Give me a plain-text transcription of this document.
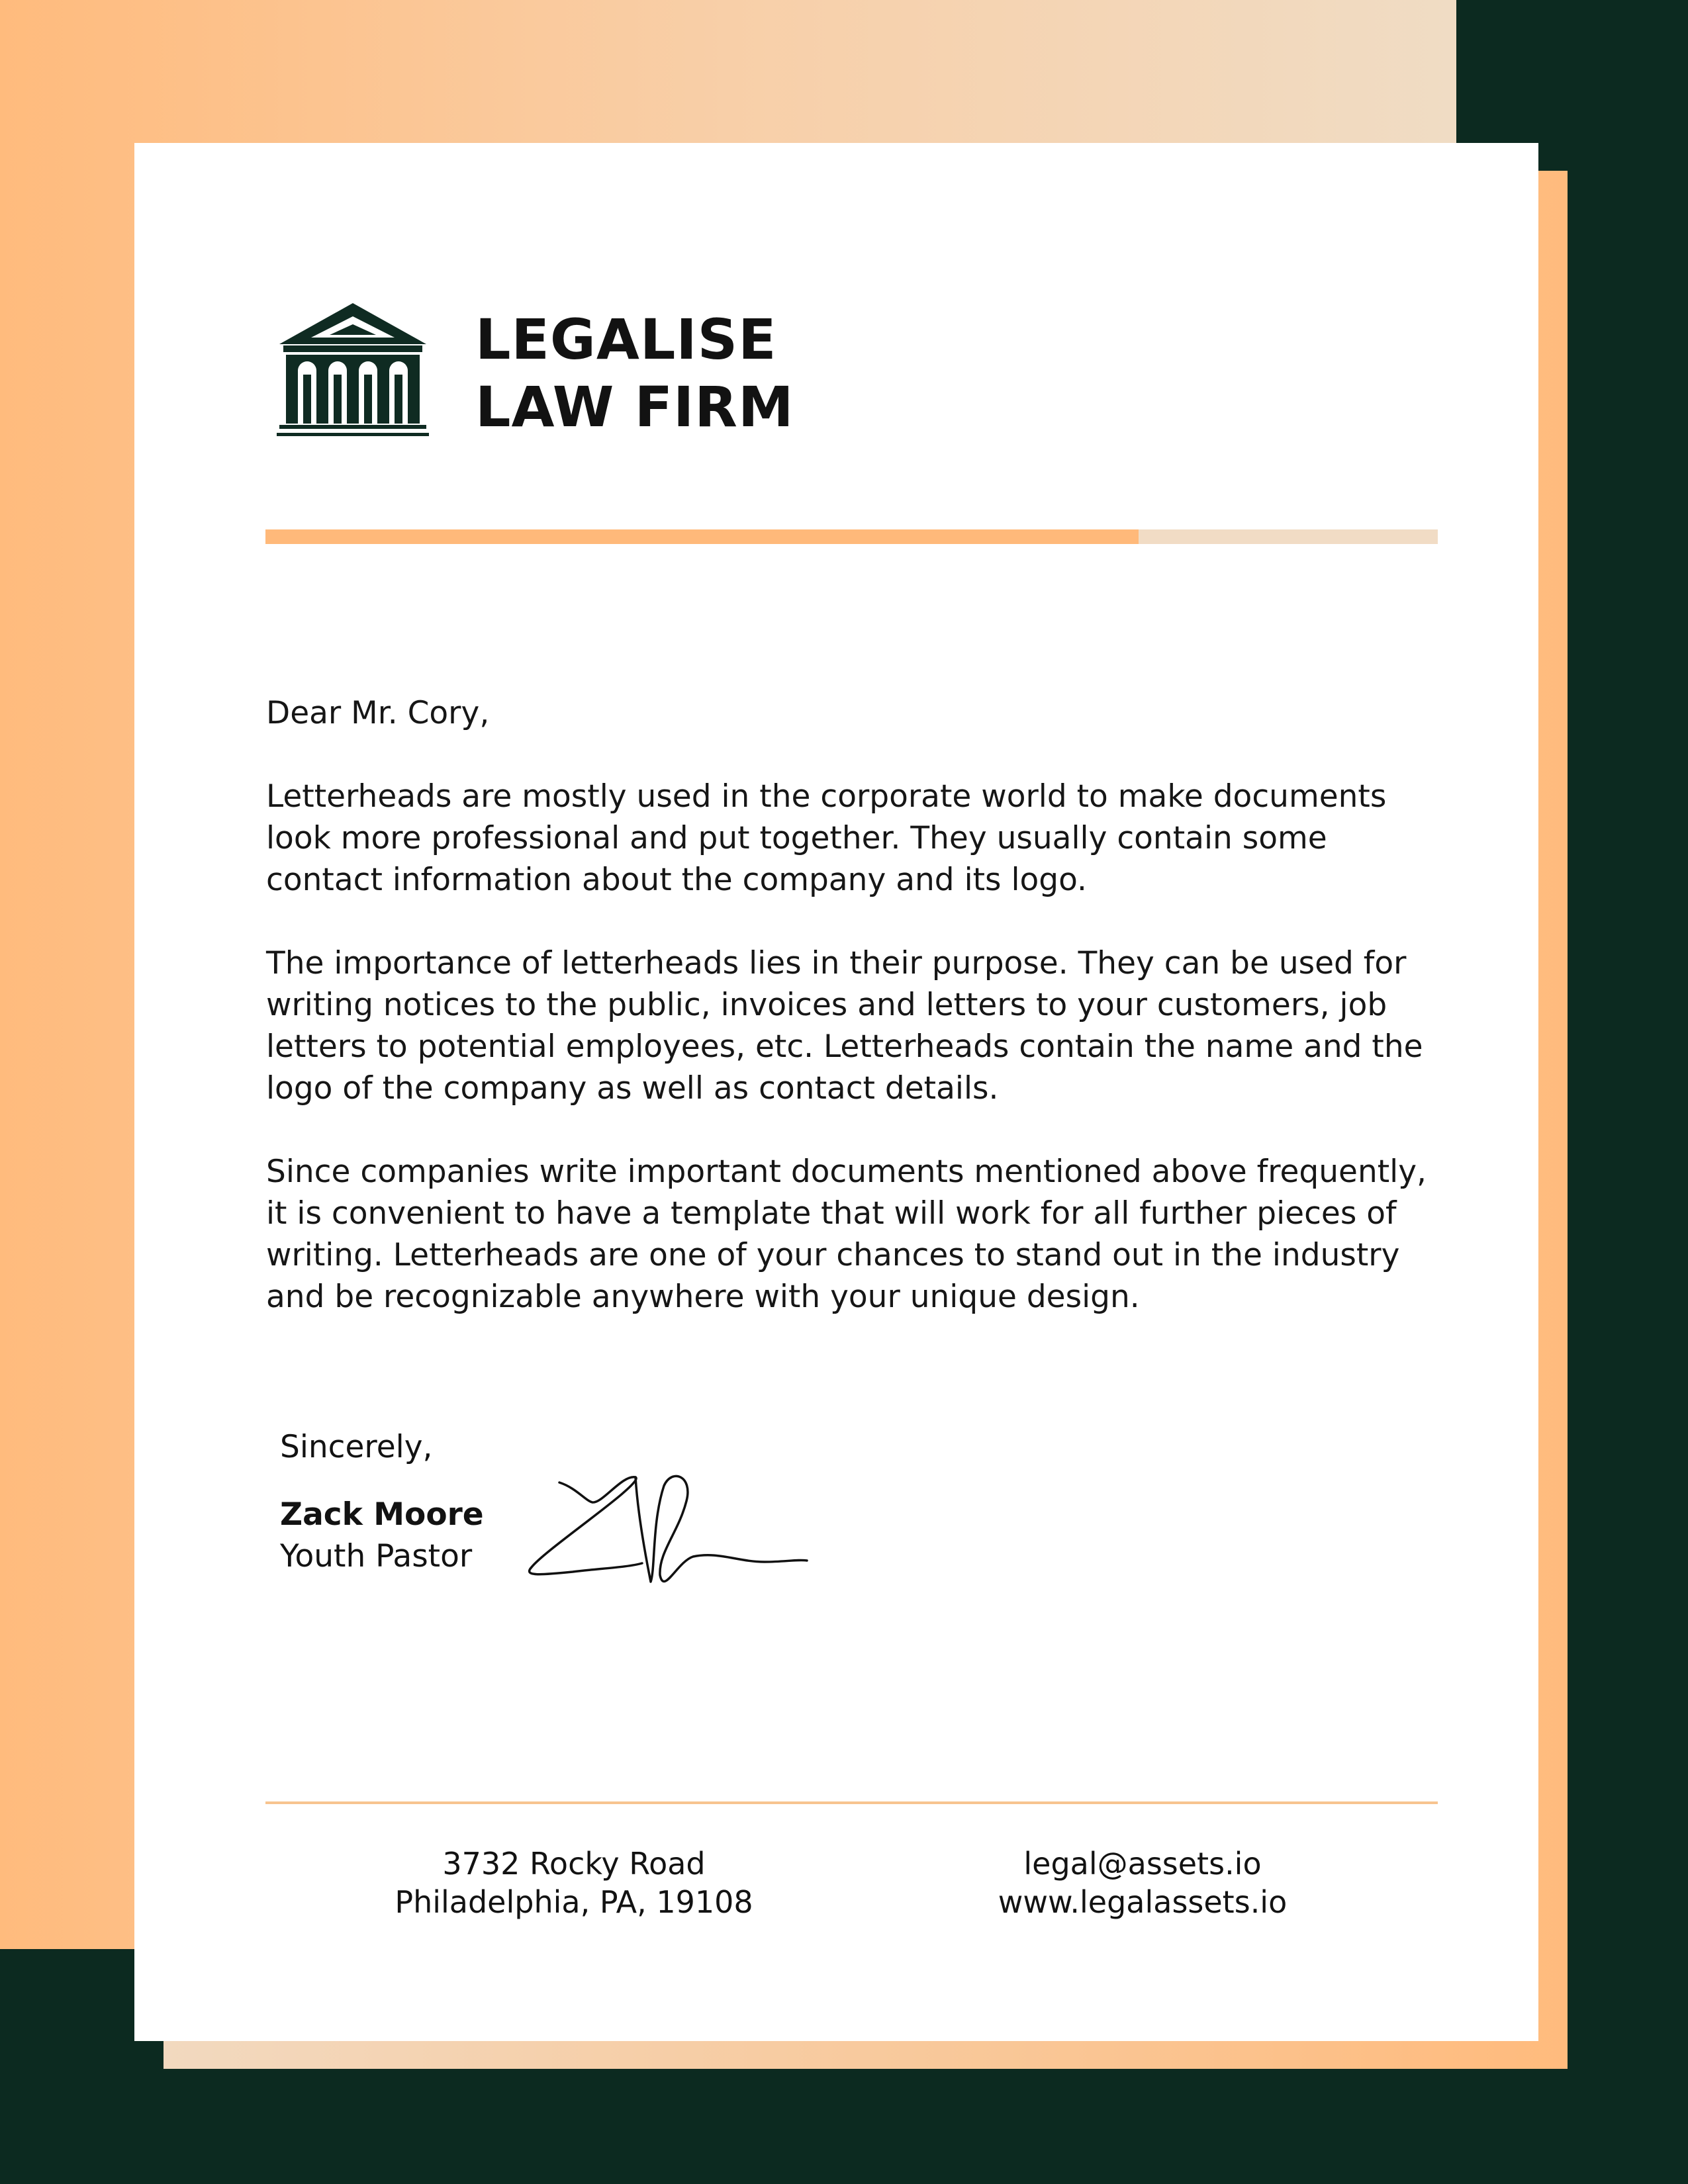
LEGALISE
LAW FIRM

Dear Mr. Cory,

Letterheads are mostly used in the corporate world to make documents look more professional and put together. They usually contain some contact information about the company and its logo.

The importance of letterheads lies in their purpose. They can be used for writing notices to the public, invoices and letters to your customers, job letters to potential employees, etc. Letterheads contain the name and the logo of the company as well as contact details.

Since companies write important documents mentioned above frequently, it is convenient to have a template that will work for all further pieces of writing. Letterheads are one of your chances to stand out in the industry and be recognizable anywhere with your unique design.

Sincerely,

Zack Moore

Youth Pastor

3732 Rocky Road
Philadelphia, PA, 19108
legal@assets.io
www.legalassets.io
